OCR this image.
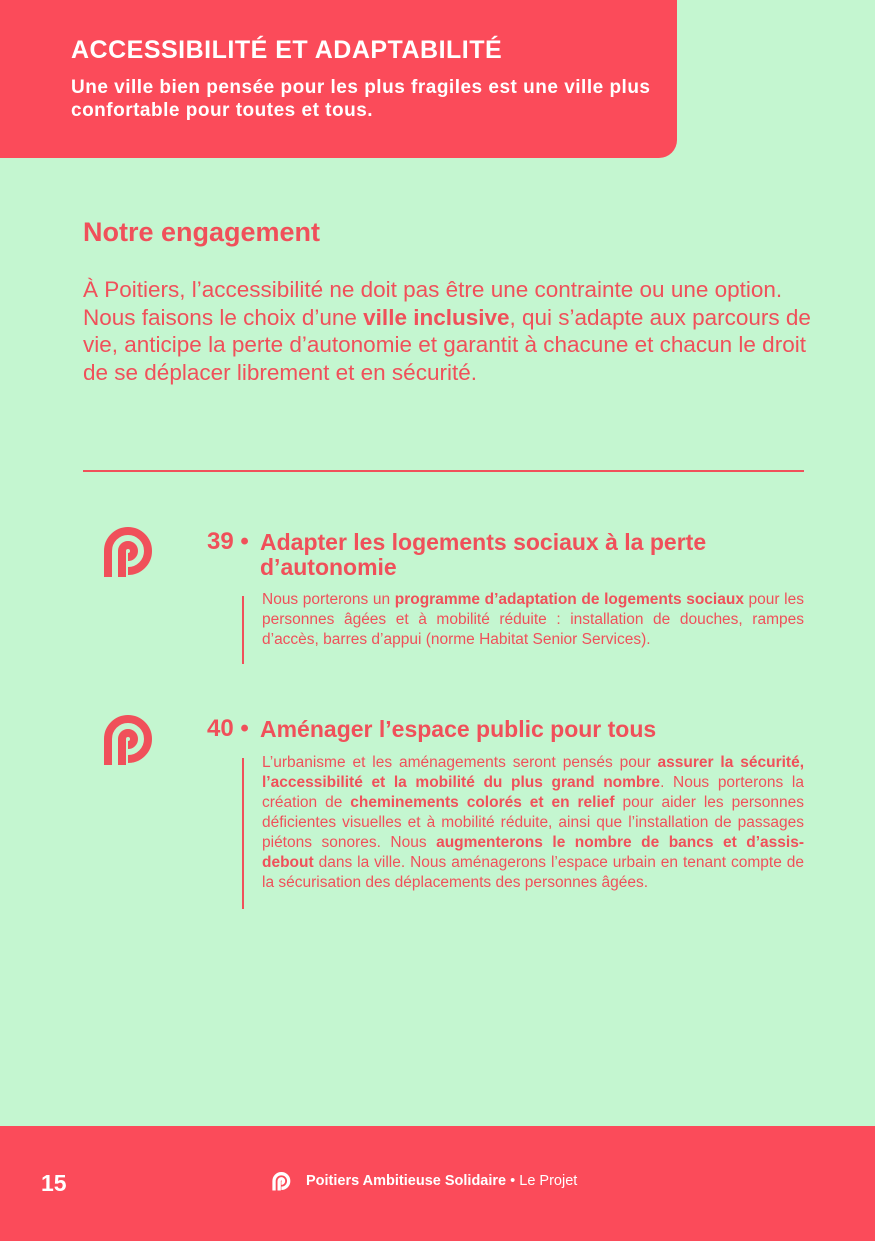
ACCESSIBILITÉ ET ADAPTABILITÉ

Une ville bien pensée pour les plus fragiles est une ville plus confortable pour toutes et tous.

Notre engagement
À Poitiers, l’accessibilité ne doit pas être une contrainte ou une option.
Nous faisons le choix d’une ville inclusive, qui s’adapte aux parcours de vie, anticipe la perte d’autonomie et garantit à chacune et chacun le droit de se déplacer librement et en sécurité.

39 • Adapter les logements sociaux à la perte d’autonomie

Nous porterons un programme d’adaptation de logements sociaux pour les personnes âgées et à mobilité réduite : installation de douches, rampes d’accès, barres d’appui (norme Habitat Senior Services).

40 • Aménager l’espace public pour tous

L’urbanisme et les aménagements seront pensés pour assurer la sécurité, l’accessibilité et la mobilité du plus grand nombre. Nous porterons la création de cheminements colorés et en relief pour aider les personnes déficientes visuelles et à mobilité réduite, ainsi que l’installation de passages piétons sonores. Nous augmenterons le nombre de bancs et d’assis-debout dans la ville. Nous aménagerons l’espace urbain en tenant compte de la sécurisation des déplacements des personnes âgées.

15	Poitiers Ambitieuse Solidaire • Le Projet
